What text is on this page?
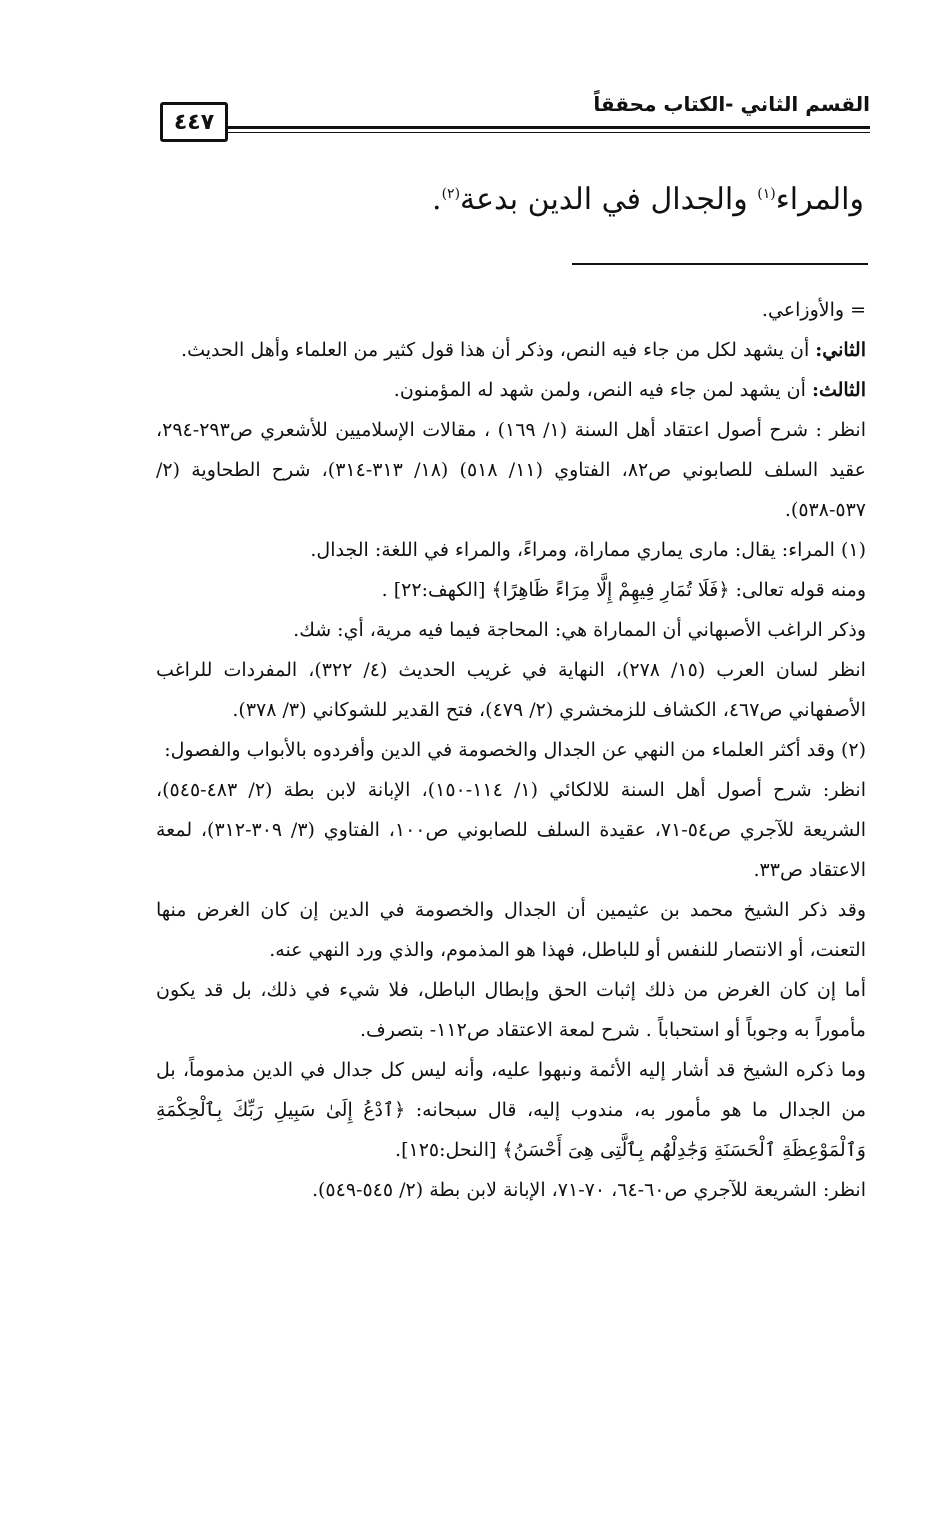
٤٤٧
القسم الثاني -الكتاب محققاً
والمراء$^{(١)}$ والجدال في الدين بدعة$^{(٢)}$.

= والأوزاعي.

الثاني: أن يشهد لكل من جاء فيه النص، وذكر أن هذا قول كثير من العلماء وأهل الحديث.

الثالث: أن يشهد لمن جاء فيه النص، ولمن شهد له المؤمنون.

انظر : شرح أصول اعتقاد أهل السنة (١/ ١٦٩) ، مقالات الإسلاميين للأشعري ص٢٩٣-٢٩٤، عقيد السلف للصابوني ص٨٢، الفتاوي (١١/ ٥١٨) (١٨/ ٣١٣-٣١٤)، شرح الطحاوية (٢/ ٥٣٧-٥٣٨).

(١)المراء: يقال: مارى يماري مماراة، ومراءً، والمراء في اللغة: الجدال.

ومنه قوله تعالى: ﴿فَلَا تُمَارِ فِيهِمْ إِلَّا مِرَاءً ظَاهِرًا﴾ [الكهف:٢٢] .

وذكر الراغب الأصبهاني أن المماراة هي: المحاجة فيما فيه مرية، أي: شك.

انظر لسان العرب (١٥/ ٢٧٨)، النهاية في غريب الحديث (٤/ ٣٢٢)، المفردات للراغب الأصفهاني ص٤٦٧، الكشاف للزمخشري (٢/ ٤٧٩)، فتح القدير للشوكاني (٣/ ٣٧٨).

(٢)وقد أكثر العلماء من النهي عن الجدال والخصومة في الدين وأفردوه بالأبواب والفصول:

انظر: شرح أصول أهل السنة للالكائي (١/ ١١٤-١٥٠)، الإبانة لابن بطة (٢/ ٤٨٣-٥٤٥)، الشريعة للآجري ص٥٤-٧١، عقيدة السلف للصابوني ص١٠٠، الفتاوي (٣/ ٣٠٩-٣١٢)، لمعة الاعتقاد ص٣٣.

وقد ذكر الشيخ محمد بن عثيمين أن الجدال والخصومة في الدين إن كان الغرض منها التعنت، أو الانتصار للنفس أو للباطل، فهذا هو المذموم، والذي ورد النهي عنه.

أما إن كان الغرض من ذلك إثبات الحق وإبطال الباطل، فلا شيء في ذلك، بل قد يكون مأموراً به وجوباً أو استحباباً . شرح لمعة الاعتقاد ص١١٢- بتصرف.

وما ذكره الشيخ قد أشار إليه الأئمة ونبهوا عليه، وأنه ليس كل جدال في الدين مذموماً، بل من الجدال ما هو مأمور به، مندوب إليه، قال سبحانه: ﴿ٱدْعُ إِلَىٰ سَبِيلِ رَبِّكَ بِٱلْحِكْمَةِ وَٱلْمَوْعِظَةِ ٱلْحَسَنَةِ وَجَٰدِلْهُم بِٱلَّتِى هِىَ أَحْسَنُ﴾ [النحل:١٢٥].

انظر: الشريعة للآجري ص٦٠-٦٤، ٧٠-٧١، الإبانة لابن بطة (٢/ ٥٤٥-٥٤٩).
